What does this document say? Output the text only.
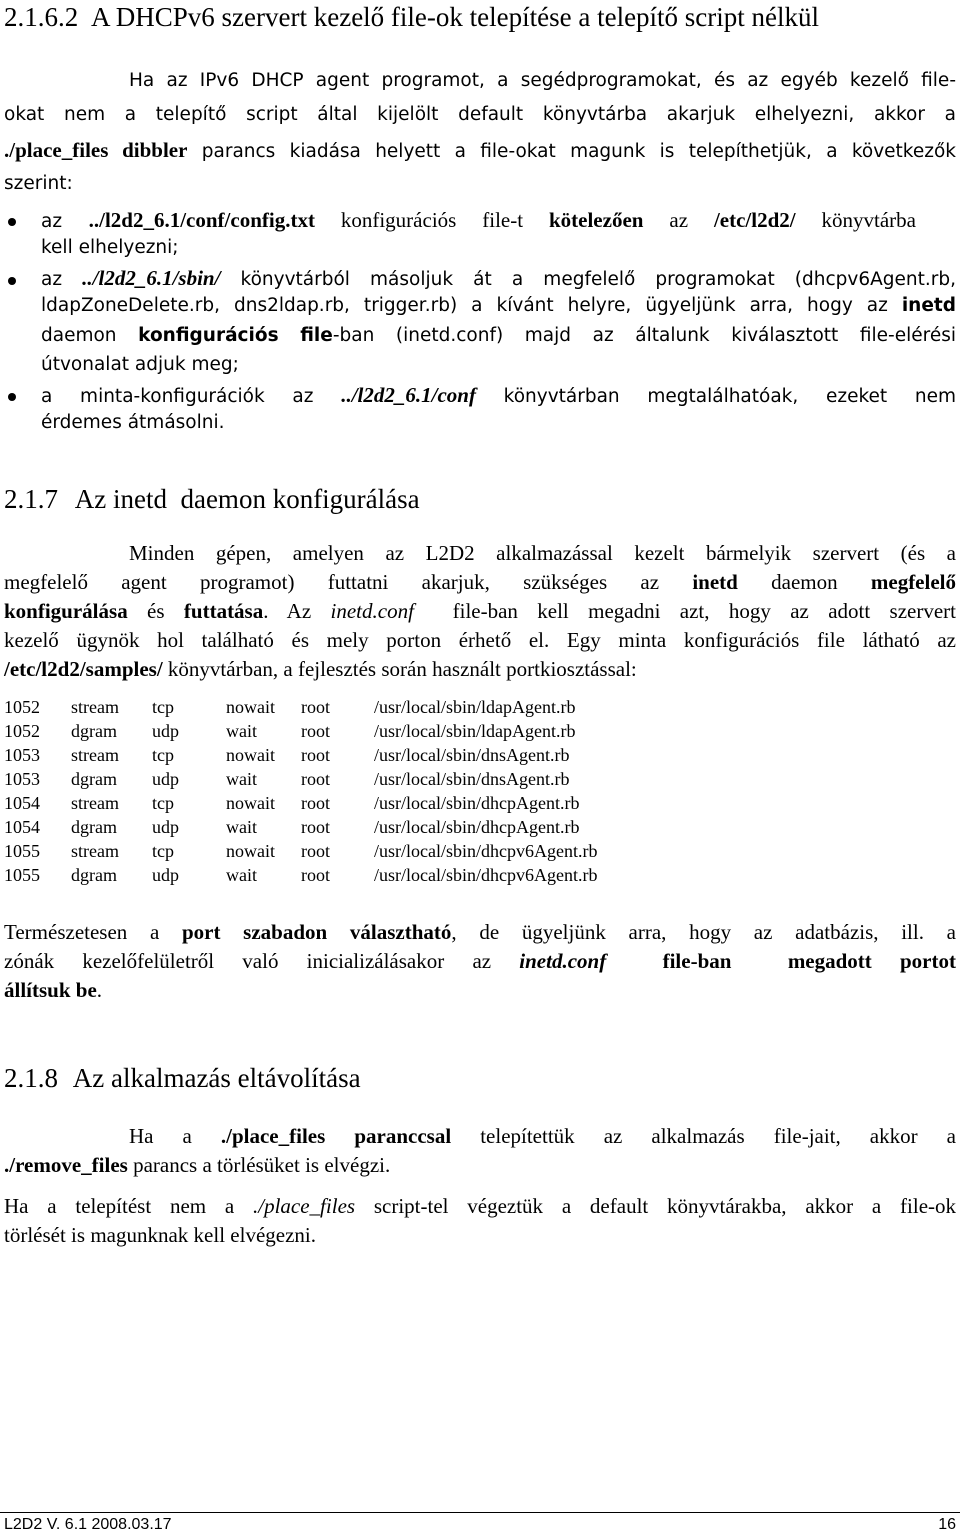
2.1.6.2 A DHCPv6 szervert kezelő file-ok telepítése a telepítő script nélkül
Ha az IPv6 DHCP agent programot, a segédprogramokat, és az egyéb kezelő file-
okat nem a telepítő script által kijelölt default könyvtárba akarjuk elhelyezni, akkor a
./place_files dibbler parancs kiadása helyett a file-okat magunk is telepíthetjük, a következők
szerint:
az ../l2d2_6.1/conf/config.txt konfigurációs file-t kötelezően az /etc/l2d2/ könyvtárba
kell elhelyezni;
az ../l2d2_6.1/sbin/ könyvtárból másoljuk át a megfelelő programokat (dhcpv6Agent.rb,
ldapZoneDelete.rb, dns2ldap.rb, trigger.rb) a kívánt helyre, ügyeljünk arra, hogy az inetd
daemon konfigurációs file-ban (inetd.conf) majd az általunk kiválasztott file-elérési
útvonalat adjuk meg;
a minta-konfigurációk az ../l2d2_6.1/conf könyvtárban megtalálhatóak, ezeket nem
érdemes átmásolni.
2.1.7 Az inetd  daemon konfigurálása
Minden gépen, amelyen az L2D2 alkalmazással kezelt bármelyik szervert (és a
megfelelő agent programot) futtatni akarjuk, szükséges az inetd daemon megfelelő
konfigurálása és futtatása. Az inetd.conf  file-ban kell megadni azt, hogy az adott szervert
kezelő ügynök hol található és mely porton érhető el. Egy minta konfigurációs file látható az
/etc/l2d2/samples/ könyvtárban, a fejlesztés során használt portkiosztással:
1052 stream tcp	nowait root /usr/local/sbin/ldapAgent.rb
1052 dgram udp	wait root /usr/local/sbin/ldapAgent.rb
1053 stream tcp	nowait root /usr/local/sbin/dnsAgent.rb
1053 dgram udp	wait root /usr/local/sbin/dnsAgent.rb
1054 stream tcp	nowait root /usr/local/sbin/dhcpAgent.rb
1054 dgram udp	wait root /usr/local/sbin/dhcpAgent.rb
1055 stream tcp	nowait root /usr/local/sbin/dhcpv6Agent.rb
1055 dgram udp	wait root /usr/local/sbin/dhcpv6Agent.rb
Természetesen a port szabadon választható, de ügyeljünk arra, hogy az adatbázis, ill. a
zónák kezelőfelületről való inicializálásakor az inetd.conf	file-ban  megadott portot
állítsuk be.
2.1.8 Az alkalmazás eltávolítása
Ha a ./place_files paranccsal telepítettük az alkalmazás file-jait, akkor a
./remove_files parancs a törlésüket is elvégzi.
Ha a telepítést nem a ./place_files script-tel végeztük a default könyvtárakba, akkor a file-ok
törlését is magunknak kell elvégezni.
L2D2 V. 6.1 2008.03.17	16
